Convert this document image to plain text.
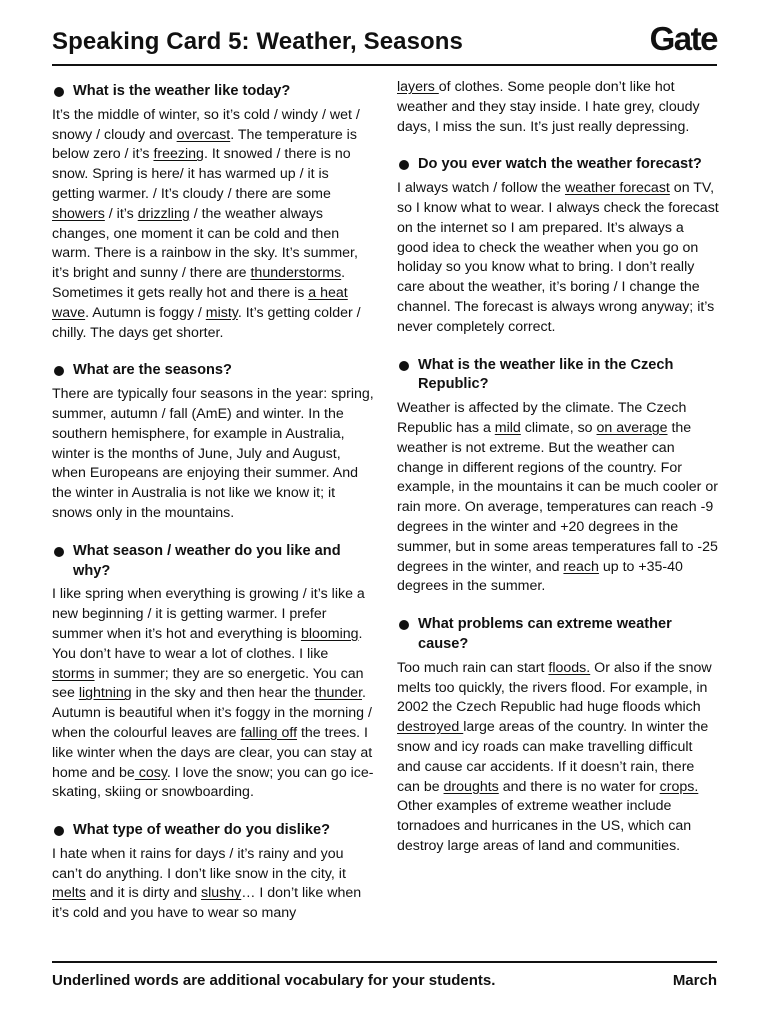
Speaking Card 5: Weather, Seasons	Gate
What is the weather like today?
It’s the middle of winter, so it’s cold / windy / wet / snowy / cloudy and overcast. The temperature is below zero / it’s freezing. It snowed / there is no snow. Spring is here/ it has warmed up / it is getting warmer. / It’s cloudy / there are some showers / it’s drizzling / the weather always changes, one moment it can be cold and then warm. There is a rainbow in the sky. It’s summer, it’s bright and sunny / there are thunderstorms. Sometimes it gets really hot and there is a heat wave. Autumn is foggy / misty. It’s getting colder / chilly. The days get shorter.
What are the seasons?
There are typically four seasons in the year: spring, summer, autumn / fall (AmE) and winter. In the southern hemisphere, for example in Australia, winter is the months of June, July and August, when Europeans are enjoying their summer. And the winter in Australia is not like we know it; it snows only in the mountains.
What season / weather do you like and why?
I like spring when everything is growing / it’s like a new beginning / it is getting warmer. I prefer summer when it’s hot and everything is blooming. You don’t have to wear a lot of clothes. I like storms in summer; they are so energetic. You can see lightning in the sky and then hear the thunder. Autumn is beautiful when it’s foggy in the morning / when the colourful leaves are falling off the trees. I like winter when the days are clear, you can stay at home and be cosy. I love the snow; you can go ice-skating, skiing or snowboarding.
What type of weather do you dislike?
I hate when it rains for days / it’s rainy and you can’t do anything. I don’t like snow in the city, it melts and it is dirty and slushy… I don’t like when it’s cold and you have to wear so many
layers of clothes. Some people don’t like hot weather and they stay inside. I hate grey, cloudy days, I miss the sun. It’s just really depressing.
Do you ever watch the weather forecast?
I always watch / follow the weather forecast on TV, so I know what to wear. I always check the forecast on the internet so I am prepared. It’s always a good idea to check the weather when you go on holiday so you know what to bring. I don’t really care about the weather, it’s boring / I change the channel. The forecast is always wrong anyway; it’s never completely correct.
What is the weather like in the Czech Republic?
Weather is affected by the climate. The Czech Republic has a mild climate, so on average the weather is not extreme. But the weather can change in different regions of the country. For example, in the mountains it can be much cooler or rain more. On average, temperatures can reach -9 degrees in the winter and +20 degrees in the summer, but in some areas temperatures fall to -25 degrees in the winter, and reach up to +35-40 degrees in the summer.
What problems can extreme weather cause?
Too much rain can start floods. Or also if the snow melts too quickly, the rivers flood. For example, in 2002 the Czech Republic had huge floods which destroyed large areas of the country. In winter the snow and icy roads can make travelling difficult and cause car accidents. If it doesn’t rain, there can be droughts and there is no water for crops. Other examples of extreme weather include tornadoes and hurricanes in the US, which can destroy large areas of land and communities.
Underlined words are additional vocabulary for your students.	March
